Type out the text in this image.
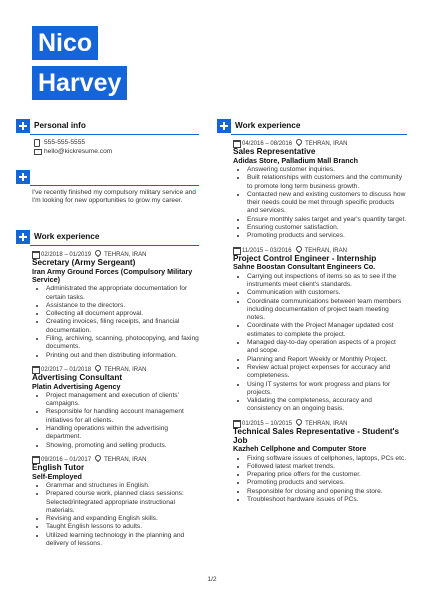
Nico
Harvey
Personal info
555-555-5555
hello@kickresume.com
I've recently finished my compulsory military service and I'm looking for new opportunities to grow my career.
Work experience
02/2018 – 01/2019 TEHRAN, IRAN
Secretary (Army Sergeant)
Iran Army Ground Forces (Compulsory Military Service)
• Administrated the appropriate documentation for certain tasks.
• Assistance to the directors.
• Collecting all document approval.
• Creating invoices, filing receipts, and financial documentation.
• Filing, archiving, scanning, photocopying, and faxing documents.
• Printing out and then distributing information.
02/2017 – 01/2018 TEHRAN, IRAN
Advertising Consultant
Platin Advertising Agency
• Project management and execution of clients' campaigns.
• Responsible for handling account management initiatives for all clients.
• Handling operations within the advertising department.
• Showing, promoting and selling products.
09/2016 – 01/2017 TEHRAN, IRAN
English Tutor
Self-Employed
• Grammar and structures in English.
• Prepared course work, planned class sessions: Selected/integrated appropriate instructional materials.
• Revising and expanding English skills.
• Taught English lessons to adults.
• Utilized learning technology in the planning and delivery of lessons.
Work experience
04/2016 – 08/2016 TEHRAN, IRAN
Sales Representative
Adidas Store, Palladium Mall Branch
• Answering customer inquiries.
• Built relationships with customers and the community to promote long term business growth.
• Contacted new and existing customers to discuss how their needs could be met through specific products and services.
• Ensure monthly sales target and year's quantity target.
• Ensuring customer satisfaction.
• Promoting products and services.
11/2015 – 03/2016 TEHRAN, IRAN
Project Control Engineer - Internship
Sahne Boostan Consultant Engineers Co.
• Carrying out inspections of items so as to see if the instruments meet client's standards.
• Communication with customers.
• Coordinate communications between team members including documentation of project team meeting notes.
• Coordinate with the Project Manager updated cost estimates to complete the project.
• Managed day-to-day operation aspects of a project and scope.
• Planning and Report Weekly or Monthly Project.
• Review actual project expenses for accuracy and completeness.
• Using IT systems for work progress and plans for projects.
• Validating the completeness, accuracy and consistency on an ongoing basis.
01/2015 – 10/2015 TEHRAN, IRAN
Technical Sales Representative - Student's Job
Kazheh Cellphone and Computer Store
• Fixing software issues of cellphones, laptops, PCs etc.
• Followed latest market trends.
• Preparing price offers for the customer.
• Promoting products and services.
• Responsible for closing and opening the store.
• Troubleshoot hardware issues of PCs.
1/2
